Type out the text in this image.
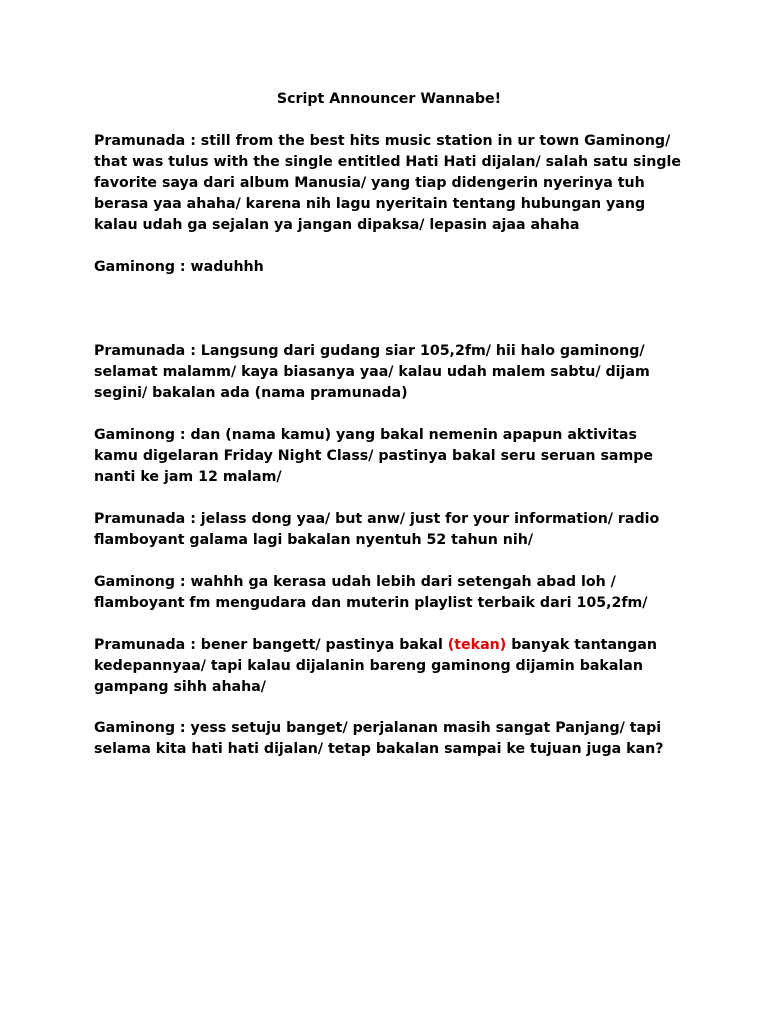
Script Announcer Wannabe!

Pramunada : still from the best hits music station in ur town Gaminong/ that was tulus with the single entitled Hati Hati dijalan/ salah satu single favorite saya dari album Manusia/ yang tiap didengerin nyerinya tuh berasa yaa ahaha/ karena nih lagu nyeritain tentang hubungan yang kalau udah ga sejalan ya jangan dipaksa/ lepasin ajaa ahaha

Gaminong : waduhhh

Pramunada : Langsung dari gudang siar 105,2fm/ hii halo gaminong/ selamat malamm/ kaya biasanya yaa/ kalau udah malem sabtu/ dijam segini/ bakalan ada (nama pramunada)

Gaminong : dan (nama kamu) yang bakal nemenin apapun aktivitas kamu digelaran Friday Night Class/ pastinya bakal seru seruan sampe nanti ke jam 12 malam/

Pramunada : jelass dong yaa/ but anw/ just for your information/ radio flamboyant galama lagi bakalan nyentuh 52 tahun nih/

Gaminong : wahhh ga kerasa udah lebih dari setengah abad loh / flamboyant fm mengudara dan muterin playlist terbaik dari 105,2fm/

Pramunada : bener bangett/ pastinya bakal (tekan) banyak tantangan kedepannyaa/ tapi kalau dijalanin bareng gaminong dijamin bakalan gampang sihh ahaha/

Gaminong : yess setuju banget/ perjalanan masih sangat Panjang/ tapi selama kita hati hati dijalan/ tetap bakalan sampai ke tujuan juga kan?
